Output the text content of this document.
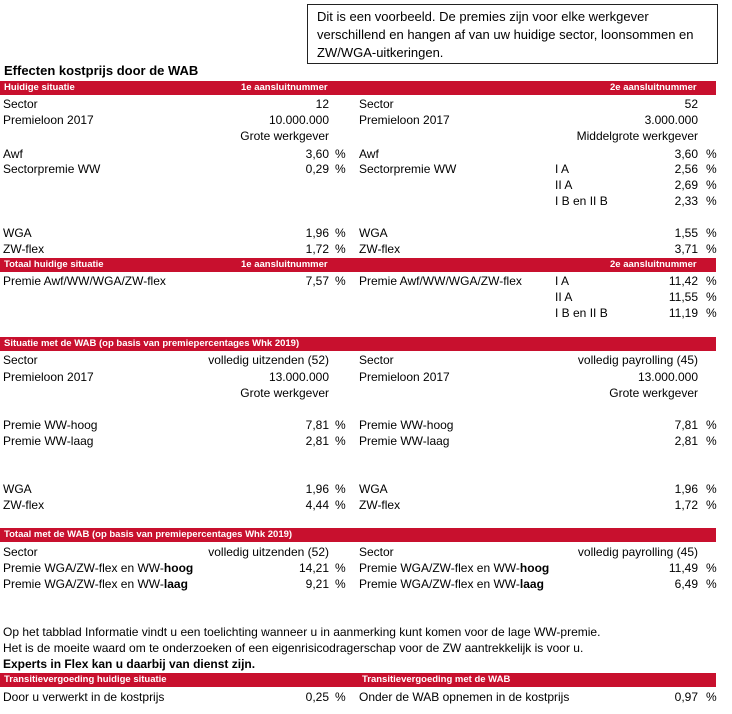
Dit is een voorbeeld. De premies zijn voor elke werkgever verschillend en hangen af van uw huidige sector, loonsommen en ZW/WGA-uitkeringen.
Effecten kostprijs door de WAB
Huidige situatie	1e aansluitnummer	2e aansluitnummer
Sector	12	Sector	52
Premieloon 2017	10.000.000	Premieloon 2017	3.000.000
Grote werkgever	Middelgrote werkgever
Awf	3,60 % Awf	3,60 %
Sectorpremie WW	0,29 % Sectorpremie WW	I A	2,56 %
II A	2,69 %
I B en II B	2,33 %
WGA	1,96 % WGA	1,55 %
ZW-flex	1,72 % ZW-flex	3,71 %
Totaal huidige situatie	1e aansluitnummer	2e aansluitnummer
Premie Awf/WW/WGA/ZW-flex	7,57 % Premie Awf/WW/WGA/ZW-flex	I A	11,42 %
II A	11,55 %
I B en II B	11,19 %
Situatie met de WAB (op basis van premiepercentages Whk 2019)
Sector	volledig uitzenden (52)	Sector	volledig payrolling (45)
Premieloon 2017	13.000.000	Premieloon 2017	13.000.000
Grote werkgever	Grote werkgever
Premie WW-hoog	7,81 % Premie WW-hoog	7,81 %
Premie WW-laag	2,81 % Premie WW-laag	2,81 %
WGA	1,96 % WGA	1,96 %
ZW-flex	4,44 % ZW-flex	1,72 %
Totaal met de WAB (op basis van premiepercentages Whk 2019)
Sector	volledig uitzenden (52)	Sector	volledig payrolling (45)
Premie WGA/ZW-flex en WW-hoog	14,21 % Premie WGA/ZW-flex en WW-hoog	11,49 %
Premie WGA/ZW-flex en WW-laag	9,21 % Premie WGA/ZW-flex en WW-laag	6,49 %
Op het tabblad Informatie vindt u een toelichting wanneer u in aanmerking kunt komen voor de lage WW-premie.
Het is de moeite waard om te onderzoeken of een eigenrisicodragerschap voor de ZW aantrekkelijk is voor u.
Experts in Flex kan u daarbij van dienst zijn.
Transitievergoeding huidige situatie	Transitievergoeding met de WAB
Door u verwerkt in de kostprijs	0,25 % Onder de WAB opnemen in de kostprijs	0,97 %
